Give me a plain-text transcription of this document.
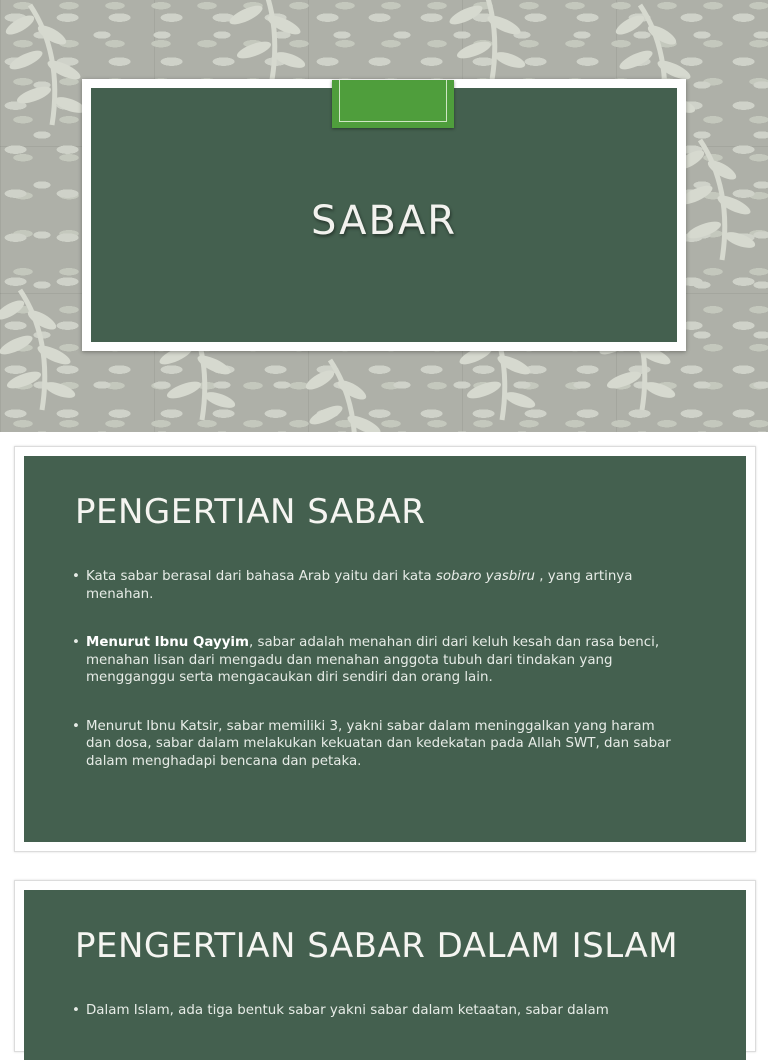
SABAR
PENGERTIAN SABAR
• Kata sabar berasal dari bahasa Arab yaitu dari kata sobaro yasbiru , yang artinya menahan.
• Menurut Ibnu Qayyim, sabar adalah menahan diri dari keluh kesah dan rasa benci, menahan lisan dari mengadu dan menahan anggota tubuh dari tindakan yang mengganggu serta mengacaukan diri sendiri dan orang lain.
• Menurut Ibnu Katsir, sabar memiliki 3, yakni sabar dalam meninggalkan yang haram dan dosa, sabar dalam melakukan kekuatan dan kedekatan pada Allah SWT, dan sabar dalam menghadapi bencana dan petaka.
PENGERTIAN SABAR DALAM ISLAM
• Dalam Islam, ada tiga bentuk sabar yakni sabar dalam ketaatan, sabar dalam
